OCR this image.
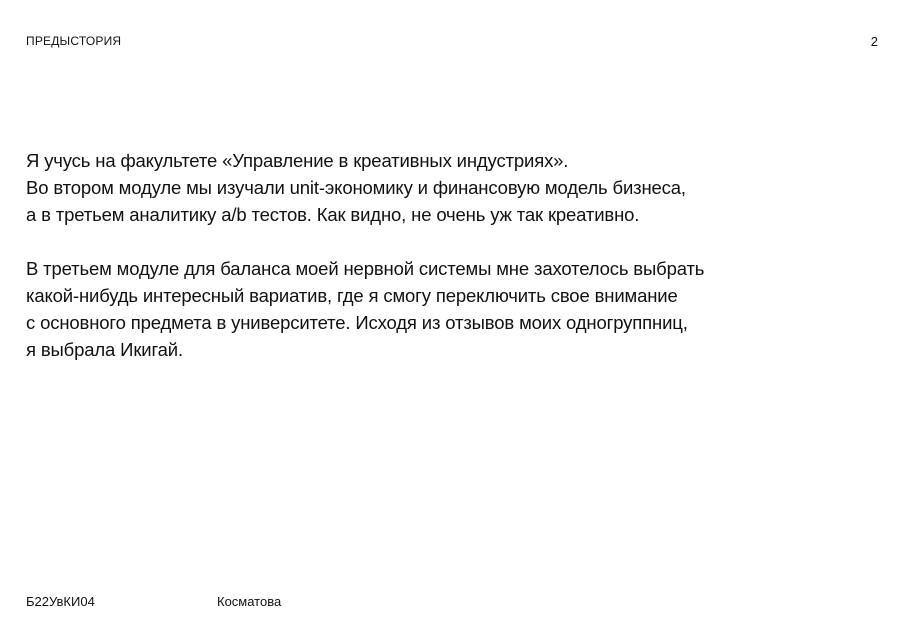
ПРЕДЫСТОРИЯ	2

Я учусь на факультете «Управление в креативных индустриях».
Во втором модуле мы изучали unit-экономику и финансовую модель бизнеса,
а в третьем аналитику a/b тестов. Как видно, не очень уж так креативно.

В третьем модуле для баланса моей нервной системы мне захотелось выбрать
какой-нибудь интересный вариатив, где я смогу переключить свое внимание
с основного предмета в университете. Исходя из отзывов моих одногруппниц,
я выбрала Икигай.

Б22УвКИ04	Косматова
